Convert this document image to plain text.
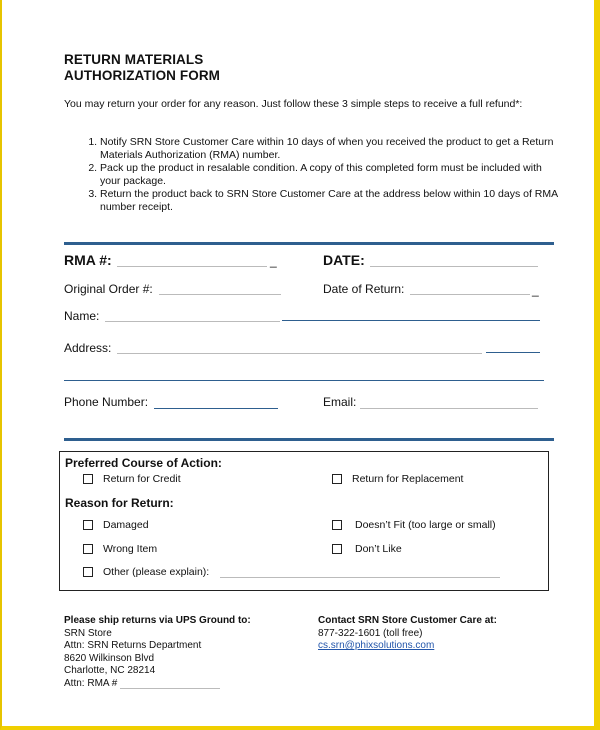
RETURN MATERIALS
AUTHORIZATION FORM
You may return your order for any reason. Just follow these 3 simple steps to receive a full refund*:
1. Notify SRN Store Customer Care within 10 days of when you received the product to get a Return Materials Authorization (RMA) number.
2. Pack up the product in resalable condition. A copy of this completed form must be included with your package.
3. Return the product back to SRN Store Customer Care at the address below within 10 days of RMA number receipt.
RMA #:	_	DATE:
Original Order #:	Date of Return:	_
Name:
Address:
Phone Number:	Email:
Preferred Course of Action:
Return for Credit	Return for Replacement
Reason for Return:
Damaged	Doesn’t Fit (too large or small)
Wrong Item	Don’t Like
Other (please explain):
Please ship returns via UPS Ground to:
SRN Store
Attn: SRN Returns Department
8620 Wilkinson Blvd
Charlotte, NC 28214
Attn: RMA #
Contact SRN Store Customer Care at:
877-322-1601 (toll free)
cs.srn@phixsolutions.com
